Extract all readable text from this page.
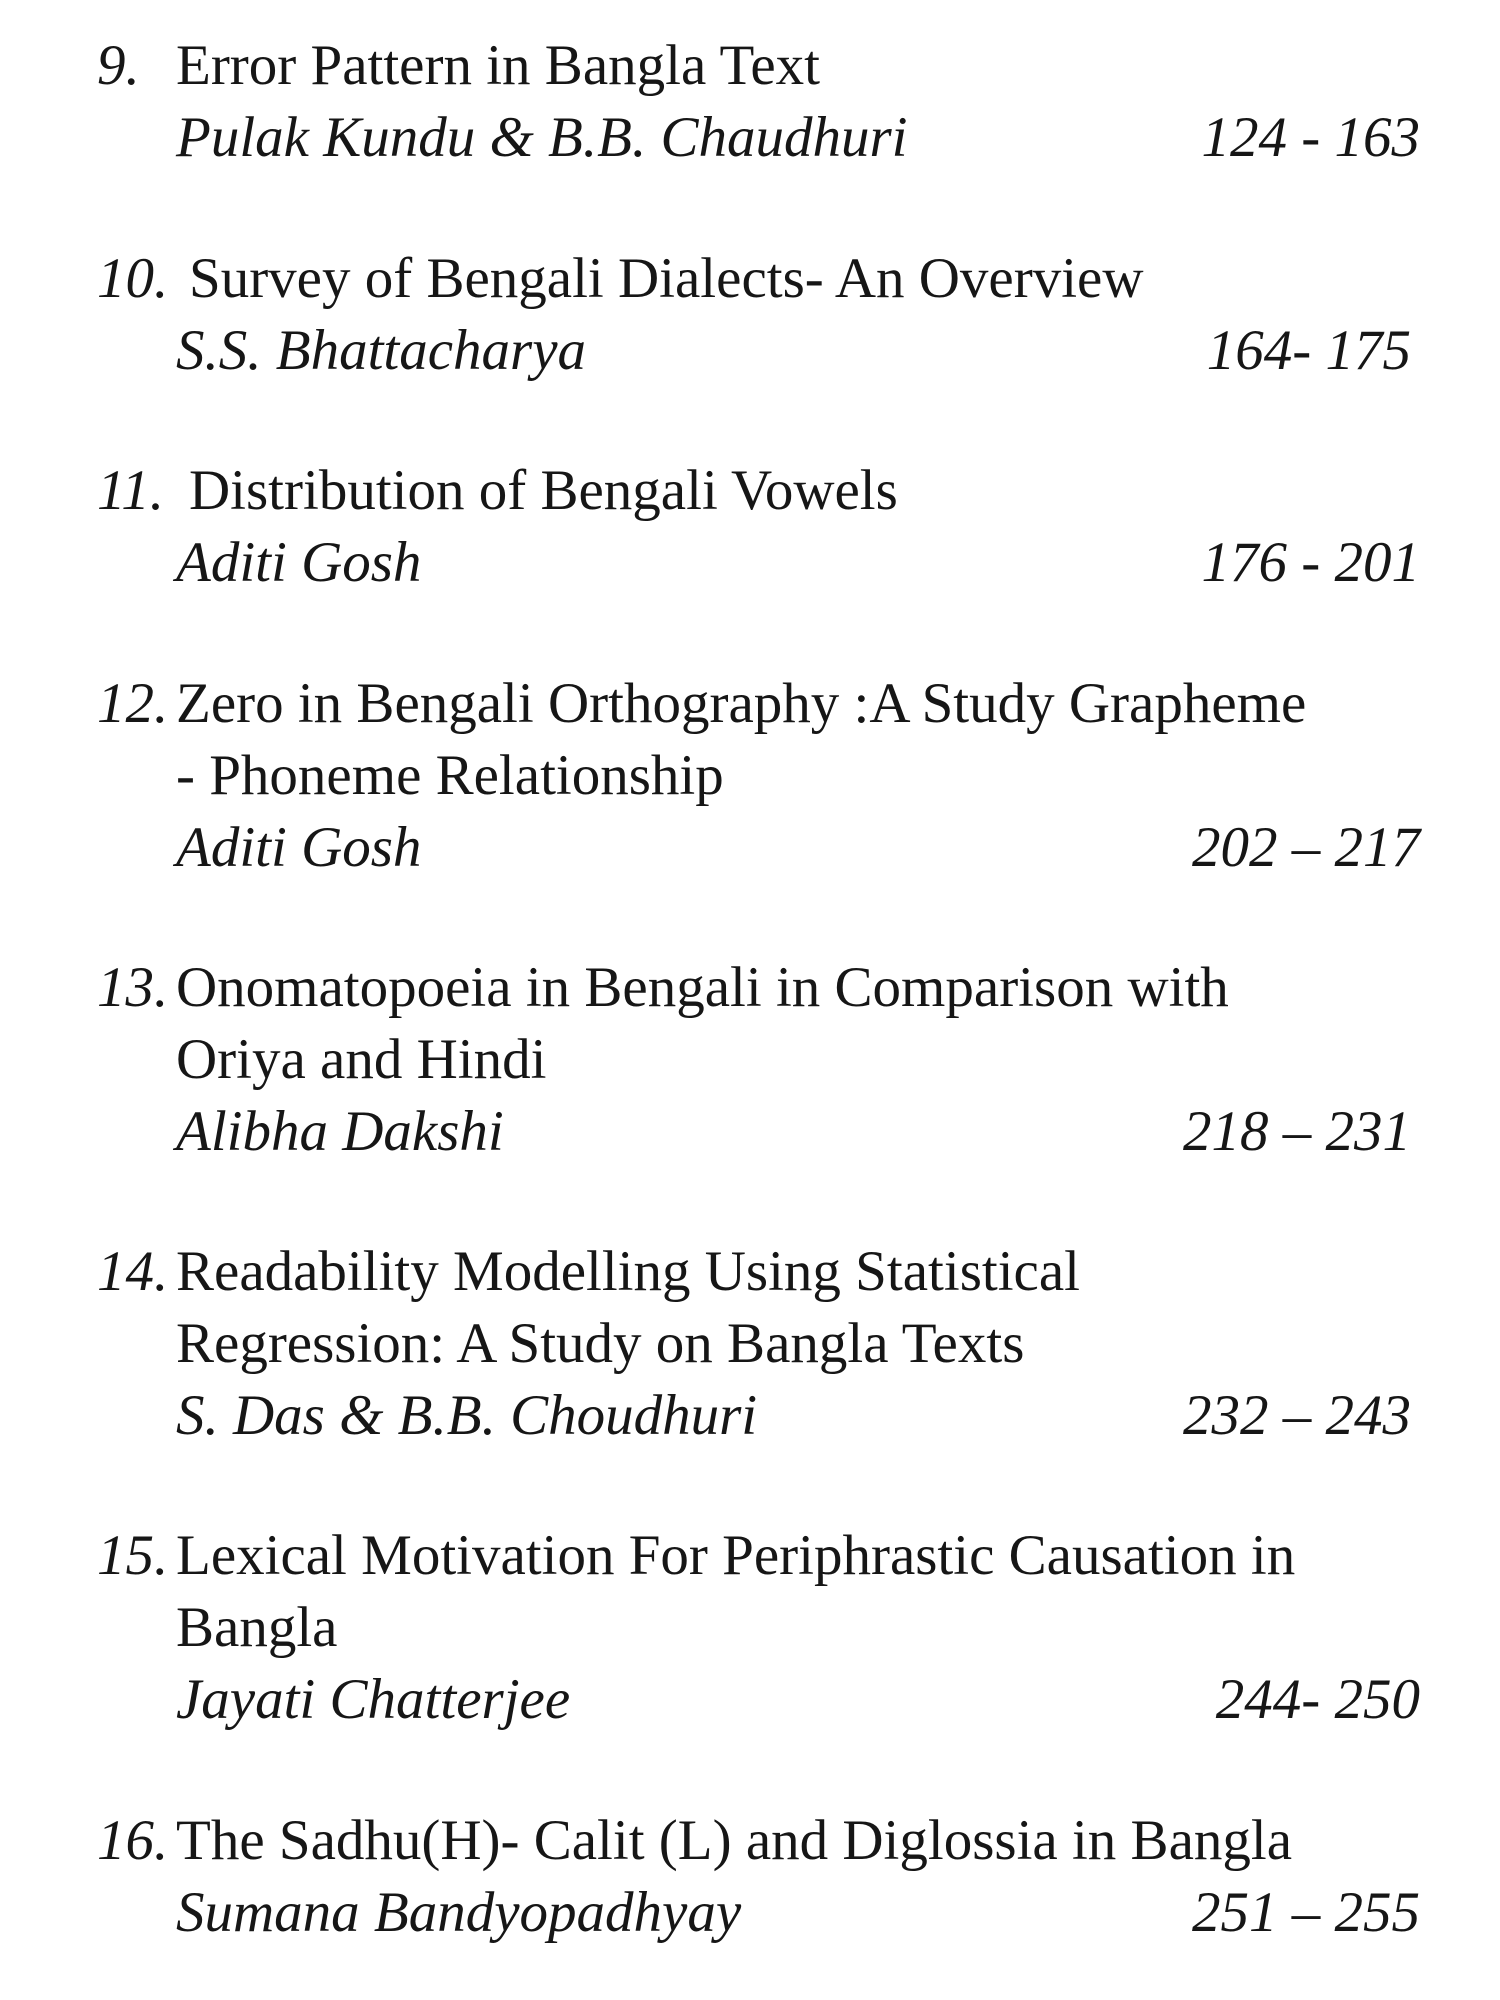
9. Error Pattern in Bangla Text
Pulak Kundu & B.B. Chaudhuri	124 - 163
10. Survey of Bengali Dialects- An Overview
S.S. Bhattacharya	164- 175
11. Distribution of Bengali Vowels
Aditi Gosh	176 - 201
12. Zero in Bengali Orthography :A Study Grapheme
- Phoneme Relationship
Aditi Gosh	202 – 217
13. Onomatopoeia in Bengali in Comparison with
Oriya and Hindi
Alibha Dakshi	218 – 231
14. Readability Modelling Using Statistical
Regression: A Study on Bangla Texts
S. Das & B.B. Choudhuri	232 – 243
15. Lexical Motivation For Periphrastic Causation in
Bangla
Jayati Chatterjee	244- 250
16. The Sadhu(H)- Calit (L) and Diglossia in Bangla
Sumana Bandyopadhyay	251 – 255
